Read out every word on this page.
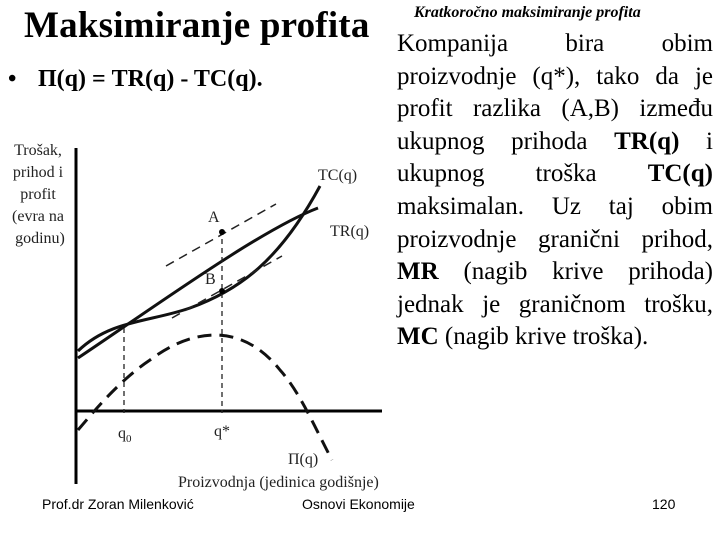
Maksimiranje profita	Kratkoročno maksimiranje profita
• Π(q) = TR(q) - TC(q).
Kompanija bira obim proizvodnje (q*), tako da je profit razlika (A,B) između ukupnog prihoda TR(q) i ukupnog troška TC(q) maksimalan. Uz taj obim proizvodnje granični prihod, MR (nagib krive prihoda) jednak je graničnom trošku, MC (nagib krive troška).
Trošak, prihod i profit (evra na godinu)
A
B
TC(q)
TR(q)
Π(q)
$q_0$	q*
Proizvodnja (jedinica godišnje)
Prof.dr Zoran Milenković	Osnovi Ekonomije	120
